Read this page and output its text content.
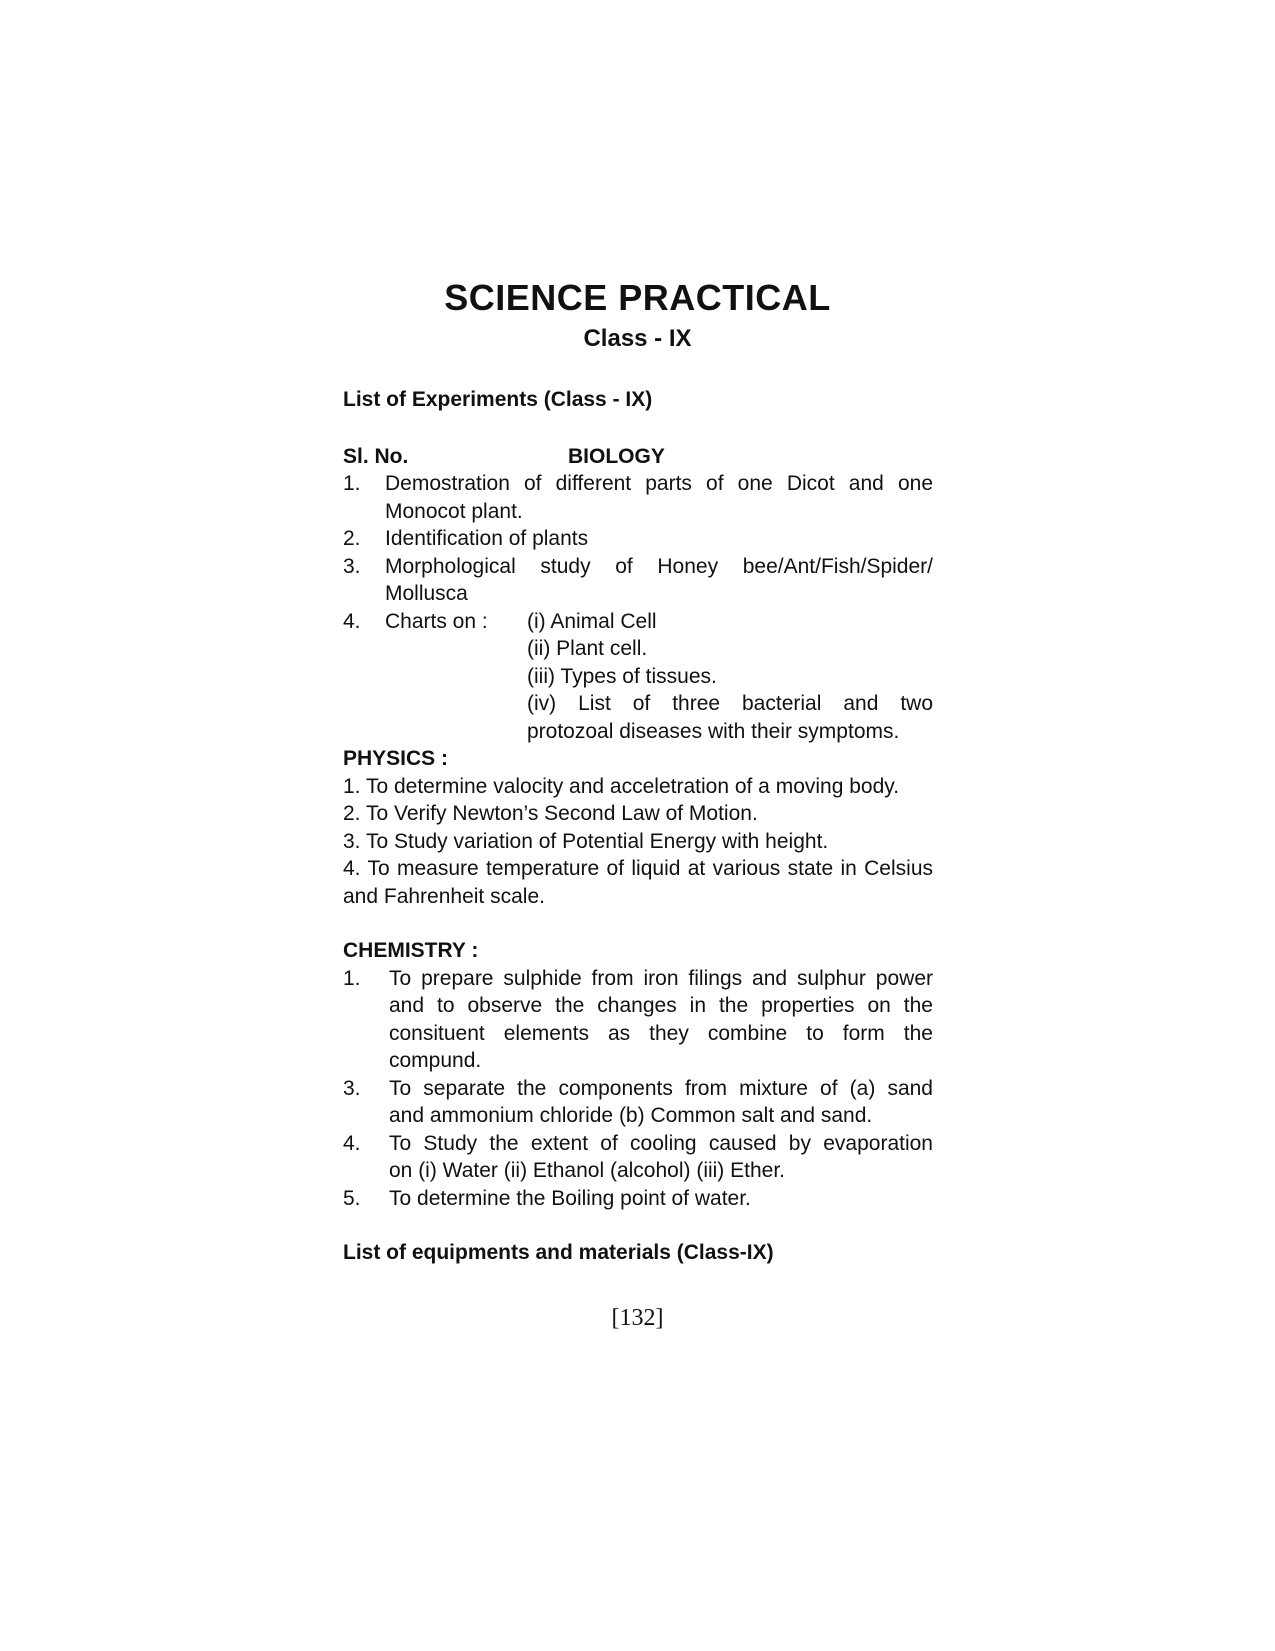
SCIENCE PRACTICAL
Class - IX
List of Experiments (Class - IX)
Sl. No.	BIOLOGY
1.	Demostration of different parts of one Dicot and one
Monocot plant.
2.	Identification of plants
3.	Morphological study of Honey bee/Ant/Fish/Spider/
Mollusca
4.	Charts on :	(i) Animal Cell
(ii) Plant cell.
(iii) Types of tissues.
(iv) List of three bacterial and two
protozoal diseases with their symptoms.
PHYSICS :
1. To determine valocity and acceletration of a moving body.
2. To Verify Newton’s Second Law of Motion.
3. To Study variation of Potential Energy with height.
4. To measure temperature of liquid at various state in Celsius
and Fahrenheit scale.
CHEMISTRY :
1.	To prepare sulphide from iron filings and sulphur power
and to observe the changes in the properties on the
consituent elements as they combine to form the
compund.
3.	To separate the components from mixture of (a) sand
and ammonium chloride (b) Common salt and sand.
4.	To Study the extent of cooling caused by evaporation
on (i) Water (ii) Ethanol (alcohol) (iii) Ether.
5.	To determine the Boiling point of water.
List of equipments and materials (Class-IX)
[132]
